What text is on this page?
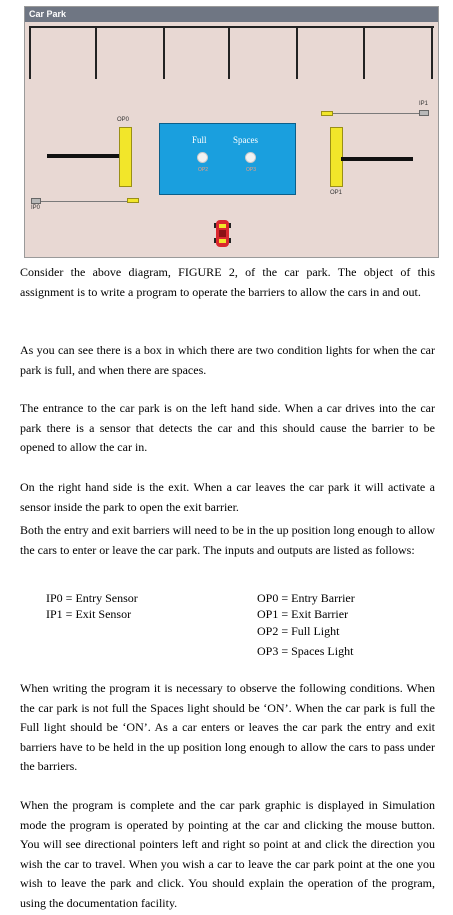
Car Park
IP1
OP0
OP1
IP0
Full	Spaces
OP2	OP3

Consider the above diagram, FIGURE 2, of the car park. The object of this assignment is to write a program to operate the barriers to allow the cars in and out.

As you can see there is a box in which there are two condition lights for when the car park is full, and when there are spaces.

The entrance to the car park is on the left hand side. When a car drives into the car park there is a sensor that detects the car and this should cause the barrier to be opened to allow the car in.

On the right hand side is the exit. When a car leaves the car park it will activate a sensor inside the park to open the exit barrier.

Both the entry and exit barriers will need to be in the up position long enough to allow the cars to enter or leave the car park. The inputs and outputs are listed as follows:

IP0 = Entry Sensor
IP1 = Exit Sensor
OP0 = Entry Barrier
OP1 = Exit Barrier
OP2 = Full Light
OP3 = Spaces Light

When writing the program it is necessary to observe the following conditions. When the car park is not full the Spaces light should be ‘ON’. When the car park is full the Full light should be ‘ON’. As a car enters or leaves the car park the entry and exit barriers have to be held in the up position long enough to allow the cars to pass under the barriers.

When the program is complete and the car park graphic is displayed in Simulation mode the program is operated by pointing at the car and clicking the mouse button. You will see directional pointers left and right so point at and click the direction you wish the car to travel. When you wish a car to leave the car park point at the one you wish to leave the park and click. You should explain the operation of the program, using the documentation facility.
